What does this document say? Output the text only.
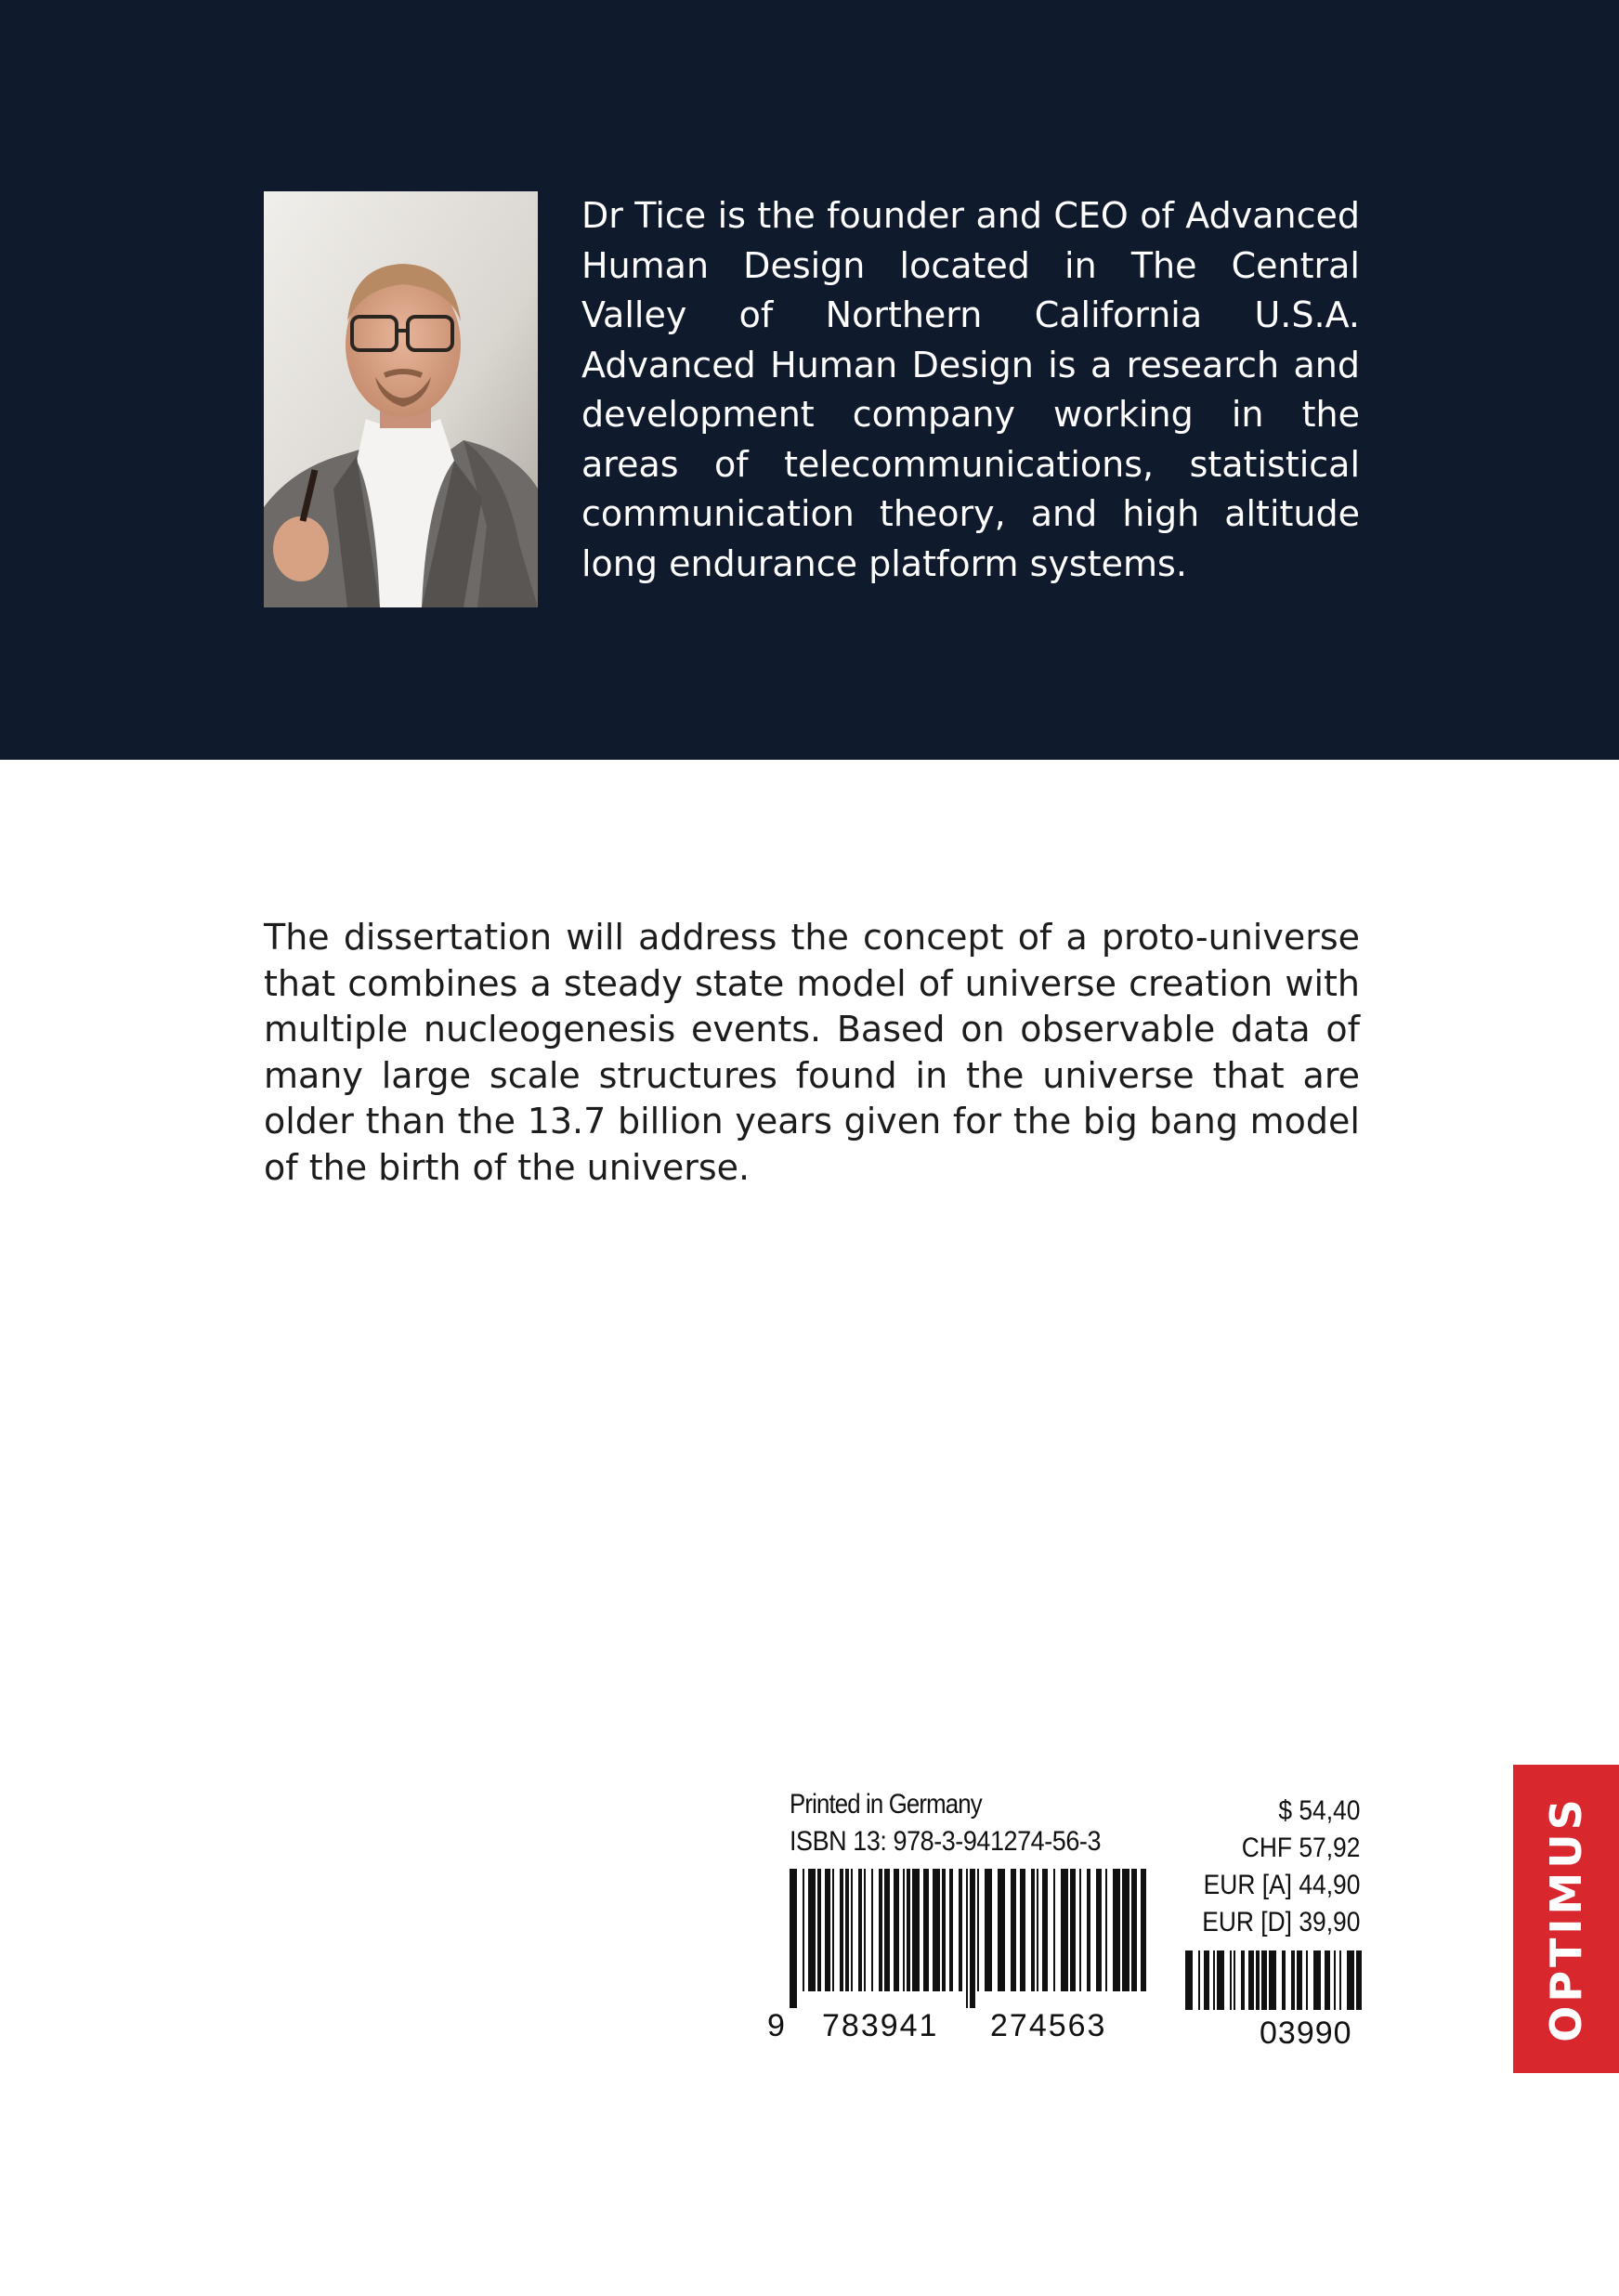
Dr Tice is the founder and CEO of Advanced Human Design located in The Central Valley of Northern California U.S.A. Advanced Human Design is a research and development company working in the areas of telecommunications, statistical communication theory, and high altitude long endurance platform systems.

The dissertation will address the concept of a proto-universe that combines a steady state model of universe creation with multiple nucleogenesis events. Based on observable data of many large scale structures found in the universe that are older than the 13.7 billion years given for the big bang model of the birth of the universe.

Printed in Germany
ISBN 13: 978-3-941274-56-3
9 783941 274563
$ 54,40
CHF 57,92
EUR [A] 44,90
EUR [D] 39,90
03990	OPTIMUS
